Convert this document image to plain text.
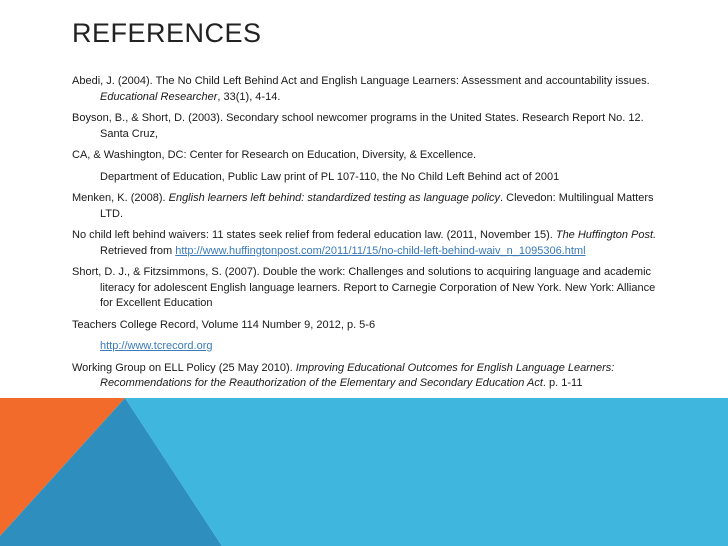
REFERENCES

Abedi, J. (2004). The No Child Left Behind Act and English Language Learners: Assessment and accountability issues. Educational Researcher, 33(1), 4-14.

Boyson, B., & Short, D. (2003). Secondary school newcomer programs in the United States. Research Report No. 12. Santa Cruz,

CA, & Washington, DC: Center for Research on Education, Diversity, & Excellence.

Department of Education, Public Law print of PL 107-110, the No Child Left Behind act of 2001

Menken, K. (2008). English learners left behind: standardized testing as language policy. Clevedon: Multilingual Matters LTD.

No child left behind waivers: 11 states seek relief from federal education law. (2011, November 15). The Huffington Post. Retrieved from http://www.huffingtonpost.com/2011/11/15/no-child-left-behind-waiv_n_1095306.html

Short, D. J., & Fitzsimmons, S. (2007). Double the work: Challenges and solutions to acquiring language and academic literacy for adolescent English language learners. Report to Carnegie Corporation of New York. New York: Alliance for Excellent Education

Teachers College Record, Volume 114 Number 9, 2012, p. 5-6

http://www.tcrecord.org

Working Group on ELL Policy (25 May 2010). Improving Educational Outcomes for English Language Learners: Recommendations for the Reauthorization of the Elementary and Secondary Education Act. p. 1-11
